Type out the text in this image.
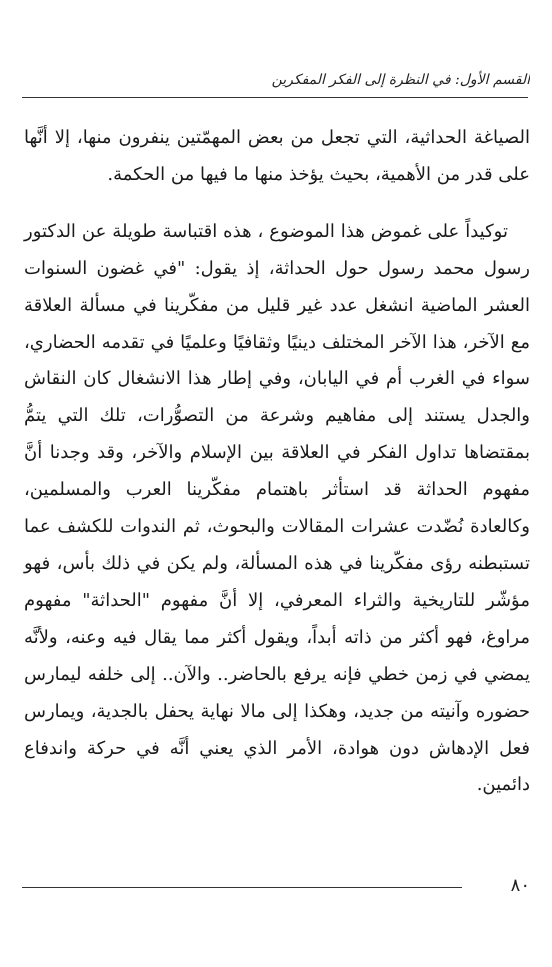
القسم الأول: في النظرة إلى الفكر المفكرين

الصياغة الحداثية، التي تجعل من بعض المهمّتين ينفرون منها، إلا أنَّها على قدر من الأهمية، بحيث يؤخذ منها ما فيها من الحكمة.

توكيداً على غموض هذا الموضوع ، هذه اقتباسة طويلة عن الدكتور رسول محمد رسول حول الحداثة، إذ يقول: "في غضون السنوات العشر الماضية انشغل عدد غير قليل من مفكّرينا في مسألة العلاقة مع الآخر، هذا الآخر المختلف دينيًا وثقافيًا وعلميًا في تقدمه الحضاري، سواء في الغرب أم في اليابان، وفي إطار هذا الانشغال كان النقاش والجدل يستند إلى مفاهيم وشرعة من التصوُّرات، تلك التي يتمُّ بمقتضاها تداول الفكر في العلاقة بين الإسلام والآخر، وقد وجدنا أنَّ مفهوم الحداثة قد استأثر باهتمام مفكّرينا العرب والمسلمين، وكالعادة نُضّدت عشرات المقالات والبحوث، ثم الندوات للكشف عما تستبطنه رؤى مفكّرينا في هذه المسألة، ولم يكن في ذلك بأس، فهو مؤشّر للتاريخية والثراء المعرفي، إلا أنَّ مفهوم "الحداثة" مفهوم مراوغ، فهو أكثر من ذاته أبداً، ويقول أكثر مما يقال فيه وعنه، ولأنَّه يمضي في زمن خطي فإنه يرفع بالحاضر.. والآن.. إلى خلفه ليمارس حضوره وآنيته من جديد، وهكذا إلى مالا نهاية يحفل بالجدية، ويمارس فعل الإدهاش دون هوادة، الأمر الذي يعني أنَّه في حركة واندفاع دائمين.

٨٠
